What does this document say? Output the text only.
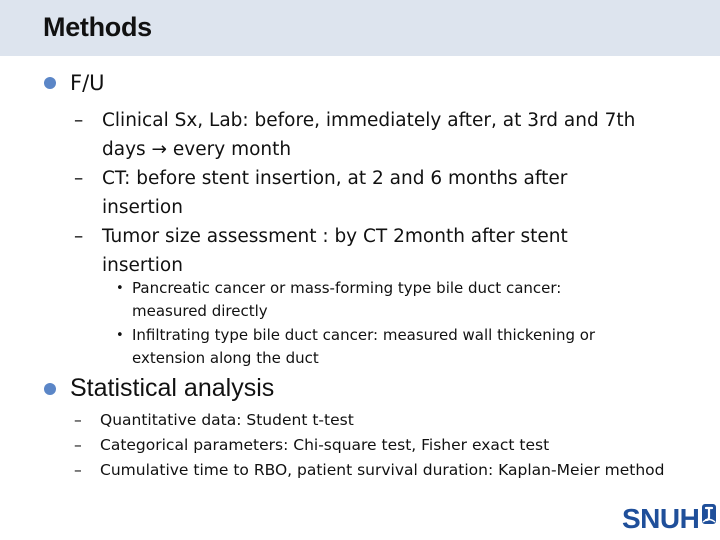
Methods
F/U
–	Clinical Sx, Lab: before, immediately after, at 3rd and 7th
days → every month
–	CT: before stent insertion, at 2 and 6 months after
insertion
–	Tumor size assessment : by CT 2month after stent
insertion
• Pancreatic cancer or mass-forming type bile duct cancer:
measured directly
• Infiltrating type bile duct cancer: measured wall thickening or
extension along the duct
Statistical analysis
–	Quantitative data: Student t-test
–	Categorical parameters: Chi-square test, Fisher exact test
–	Cumulative time to RBO, patient survival duration: Kaplan-Meier method
SNUH
